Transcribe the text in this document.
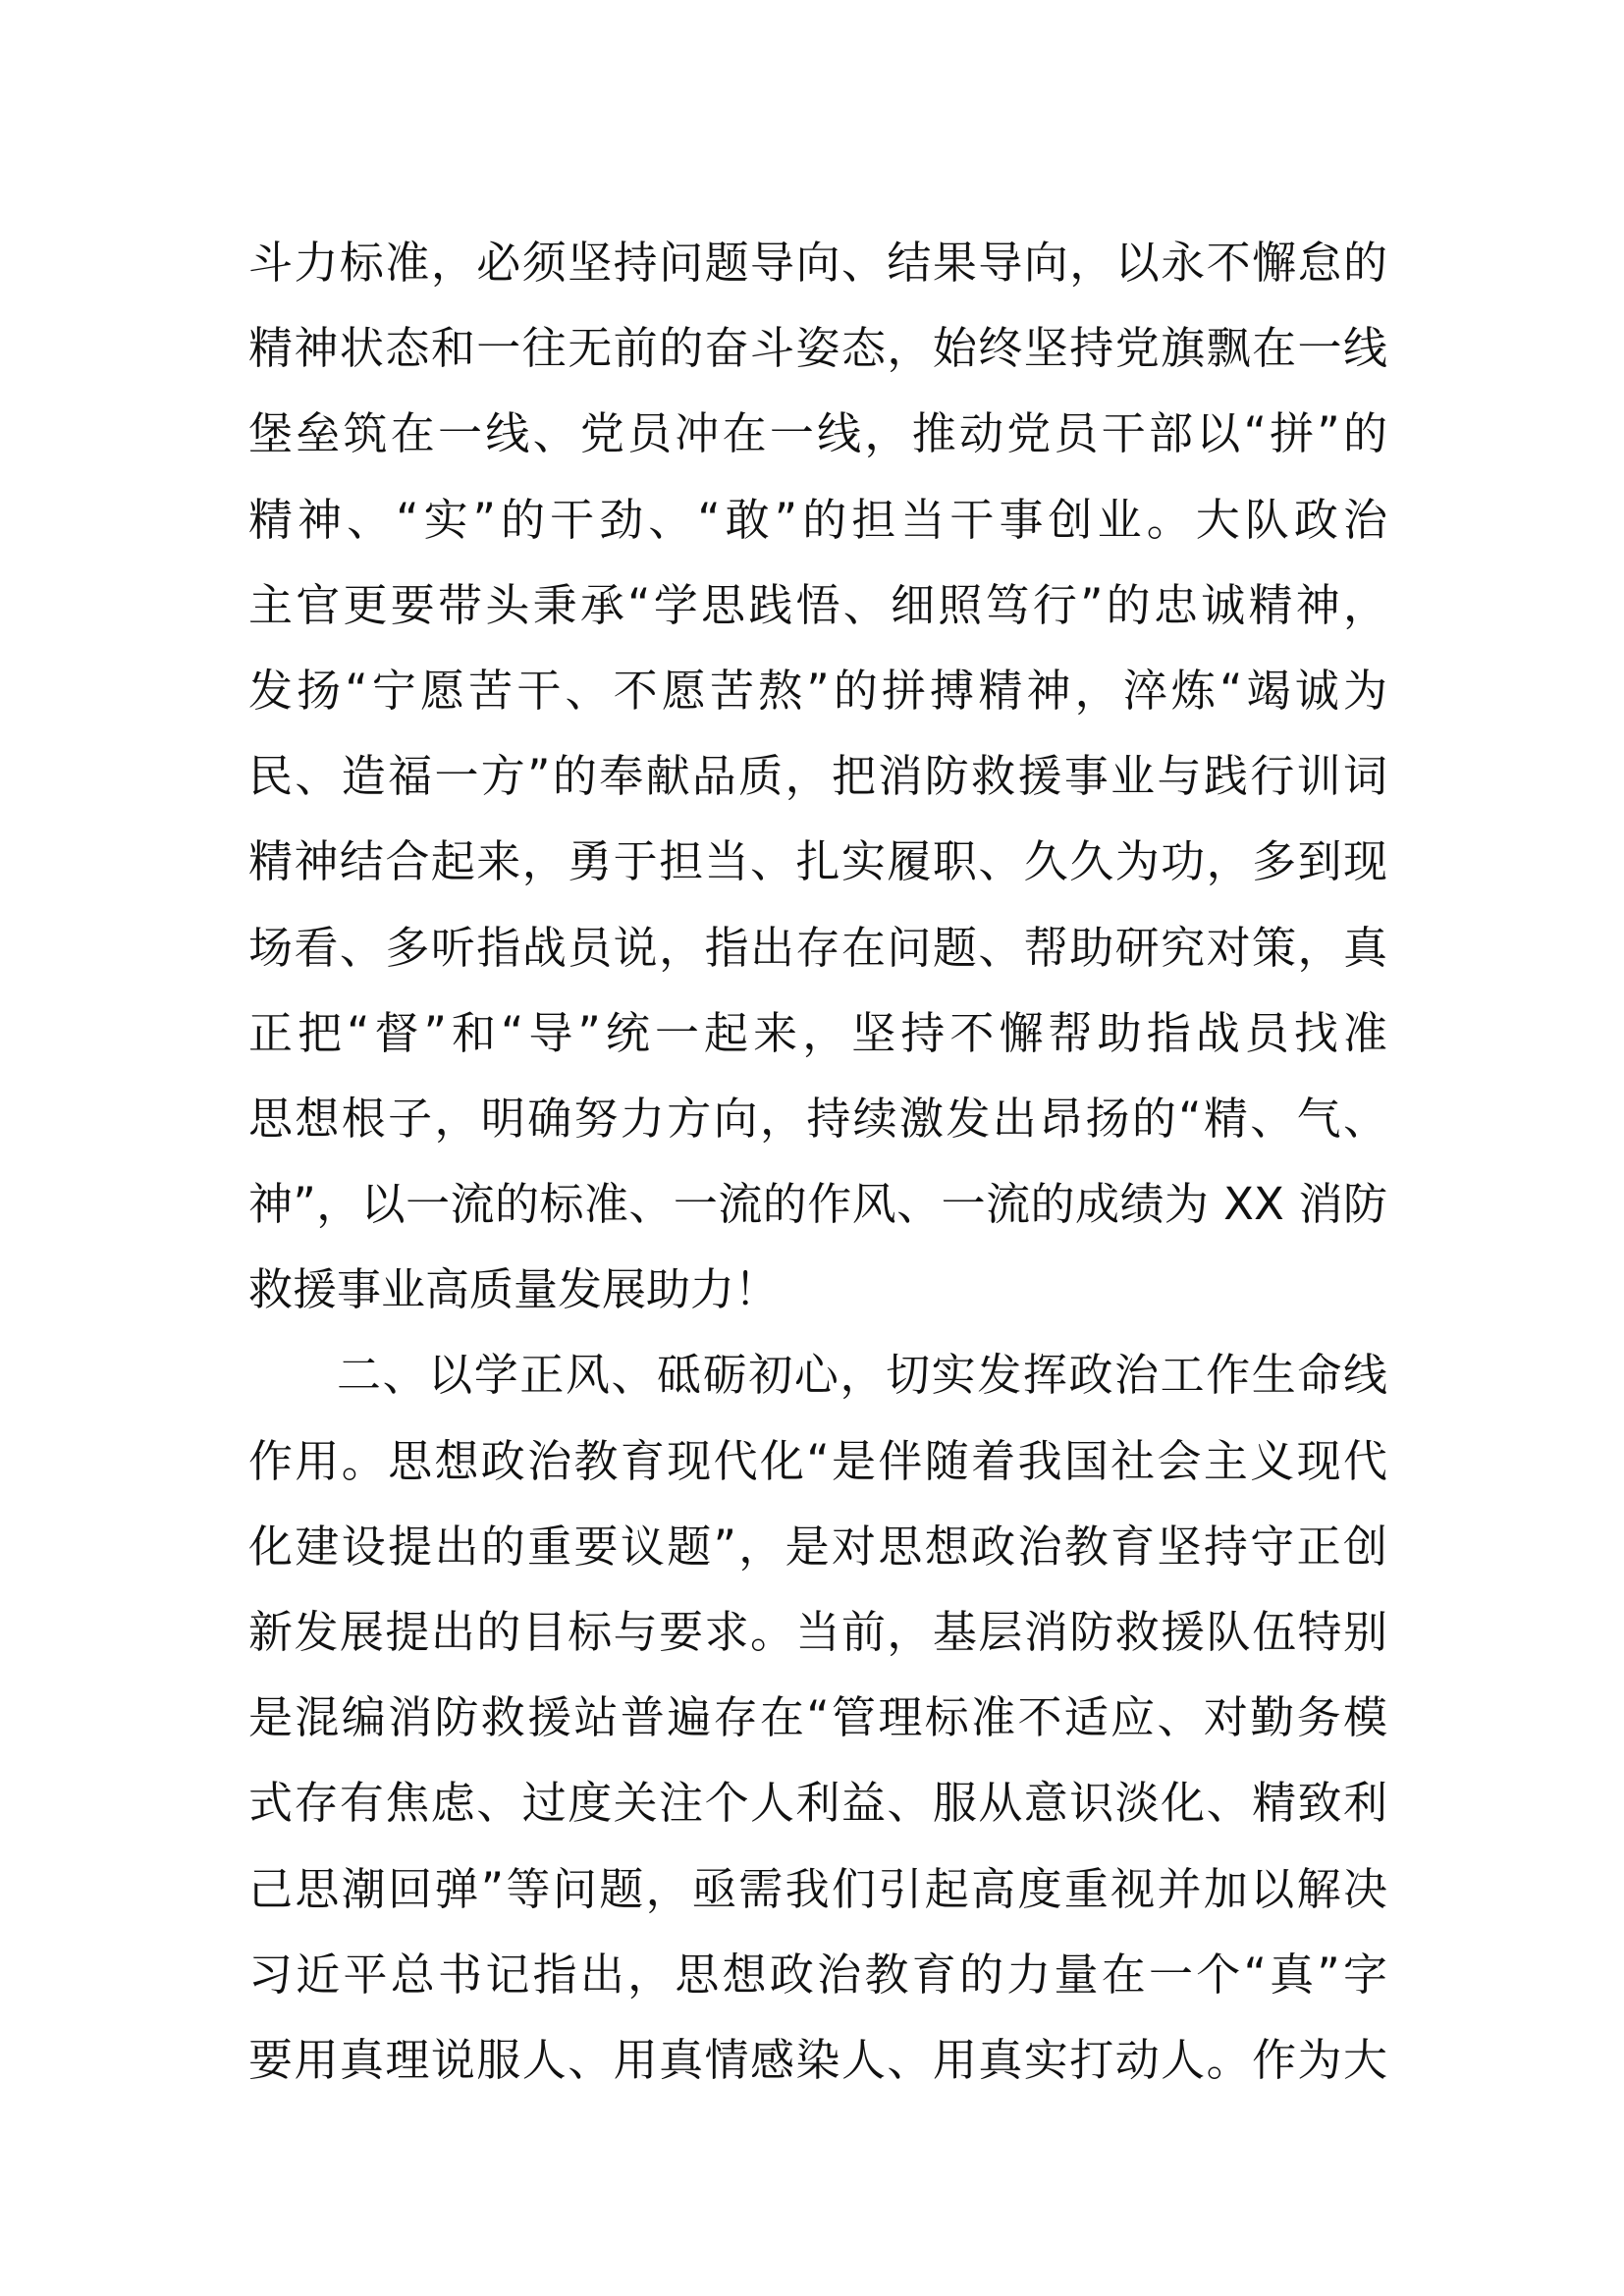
斗力标准，必须坚持问题导向、结果导向，以永不懈怠的
精神状态和一往无前的奋斗姿态，始终坚持党旗飘在一线
堡垒筑在一线、党员冲在一线，推动党员干部以“拼”的
精神、“实”的干劲、“敢”的担当干事创业。大队政治
主官更要带头秉承“学思践悟、细照笃行”的忠诚精神，
发扬“宁愿苦干、不愿苦熬”的拼搏精神，淬炼“竭诚为
民、造福一方”的奉献品质，把消防救援事业与践行训词
精神结合起来，勇于担当、扎实履职、久久为功，多到现
场看、多听指战员说，指出存在问题、帮助研究对策，真
正把“督”和“导”统一起来，坚持不懈帮助指战员找准
思想根子，明确努力方向，持续激发出昂扬的“精、气、
神”，以一流的标准、一流的作风、一流的成绩为 XX 消防
救援事业高质量发展助力！
二、以学正风、砥砺初心，切实发挥政治工作生命线
作用。思想政治教育现代化“是伴随着我国社会主义现代
化建设提出的重要议题”，是对思想政治教育坚持守正创
新发展提出的目标与要求。当前，基层消防救援队伍特别
是混编消防救援站普遍存在“管理标准不适应、对勤务模
式存有焦虑、过度关注个人利益、服从意识淡化、精致利
己思潮回弹”等问题，亟需我们引起高度重视并加以解决
习近平总书记指出，思想政治教育的力量在一个“真”字
要用真理说服人、用真情感染人、用真实打动人。作为大
